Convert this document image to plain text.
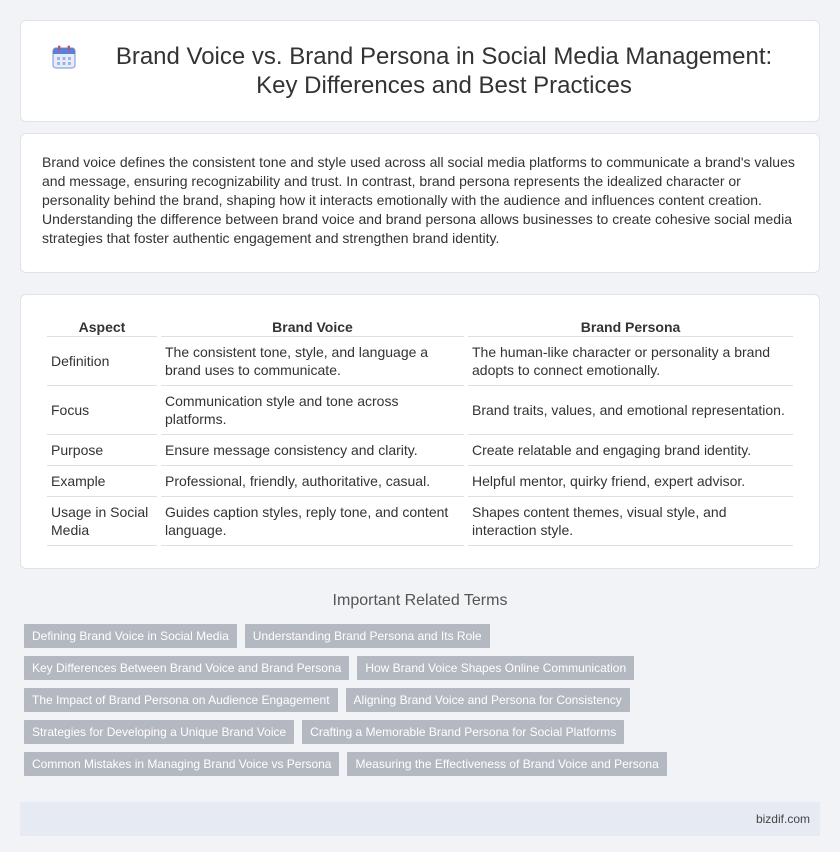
Brand Voice vs. Brand Persona in Social Media Management: Key Differences and Best Practices

Brand voice defines the consistent tone and style used across all social media platforms to communicate a brand's values and message, ensuring recognizability and trust. In contrast, brand persona represents the idealized character or personality behind the brand, shaping how it interacts emotionally with the audience and influences content creation. Understanding the difference between brand voice and brand persona allows businesses to create cohesive social media strategies that foster authentic engagement and strengthen brand identity.

Aspect	Brand Voice	Brand Persona
Definition	The consistent tone, style, and language a brand uses to communicate.	The human-like character or personality a brand adopts to connect emotionally.
Focus	Communication style and tone across platforms.	Brand traits, values, and emotional representation.
Purpose	Ensure message consistency and clarity.	Create relatable and engaging brand identity.
Example	Professional, friendly, authoritative, casual.	Helpful mentor, quirky friend, expert advisor.
Usage in Social Media	Guides caption styles, reply tone, and content language.	Shapes content themes, visual style, and interaction style.
Important Related Terms
Defining Brand Voice in Social Media	Understanding Brand Persona and Its Role
Key Differences Between Brand Voice and Brand Persona	How Brand Voice Shapes Online Communication
The Impact of Brand Persona on Audience Engagement	Aligning Brand Voice and Persona for Consistency
Strategies for Developing a Unique Brand Voice	Crafting a Memorable Brand Persona for Social Platforms
Common Mistakes in Managing Brand Voice vs Persona	Measuring the Effectiveness of Brand Voice and Persona
bizdif.com
